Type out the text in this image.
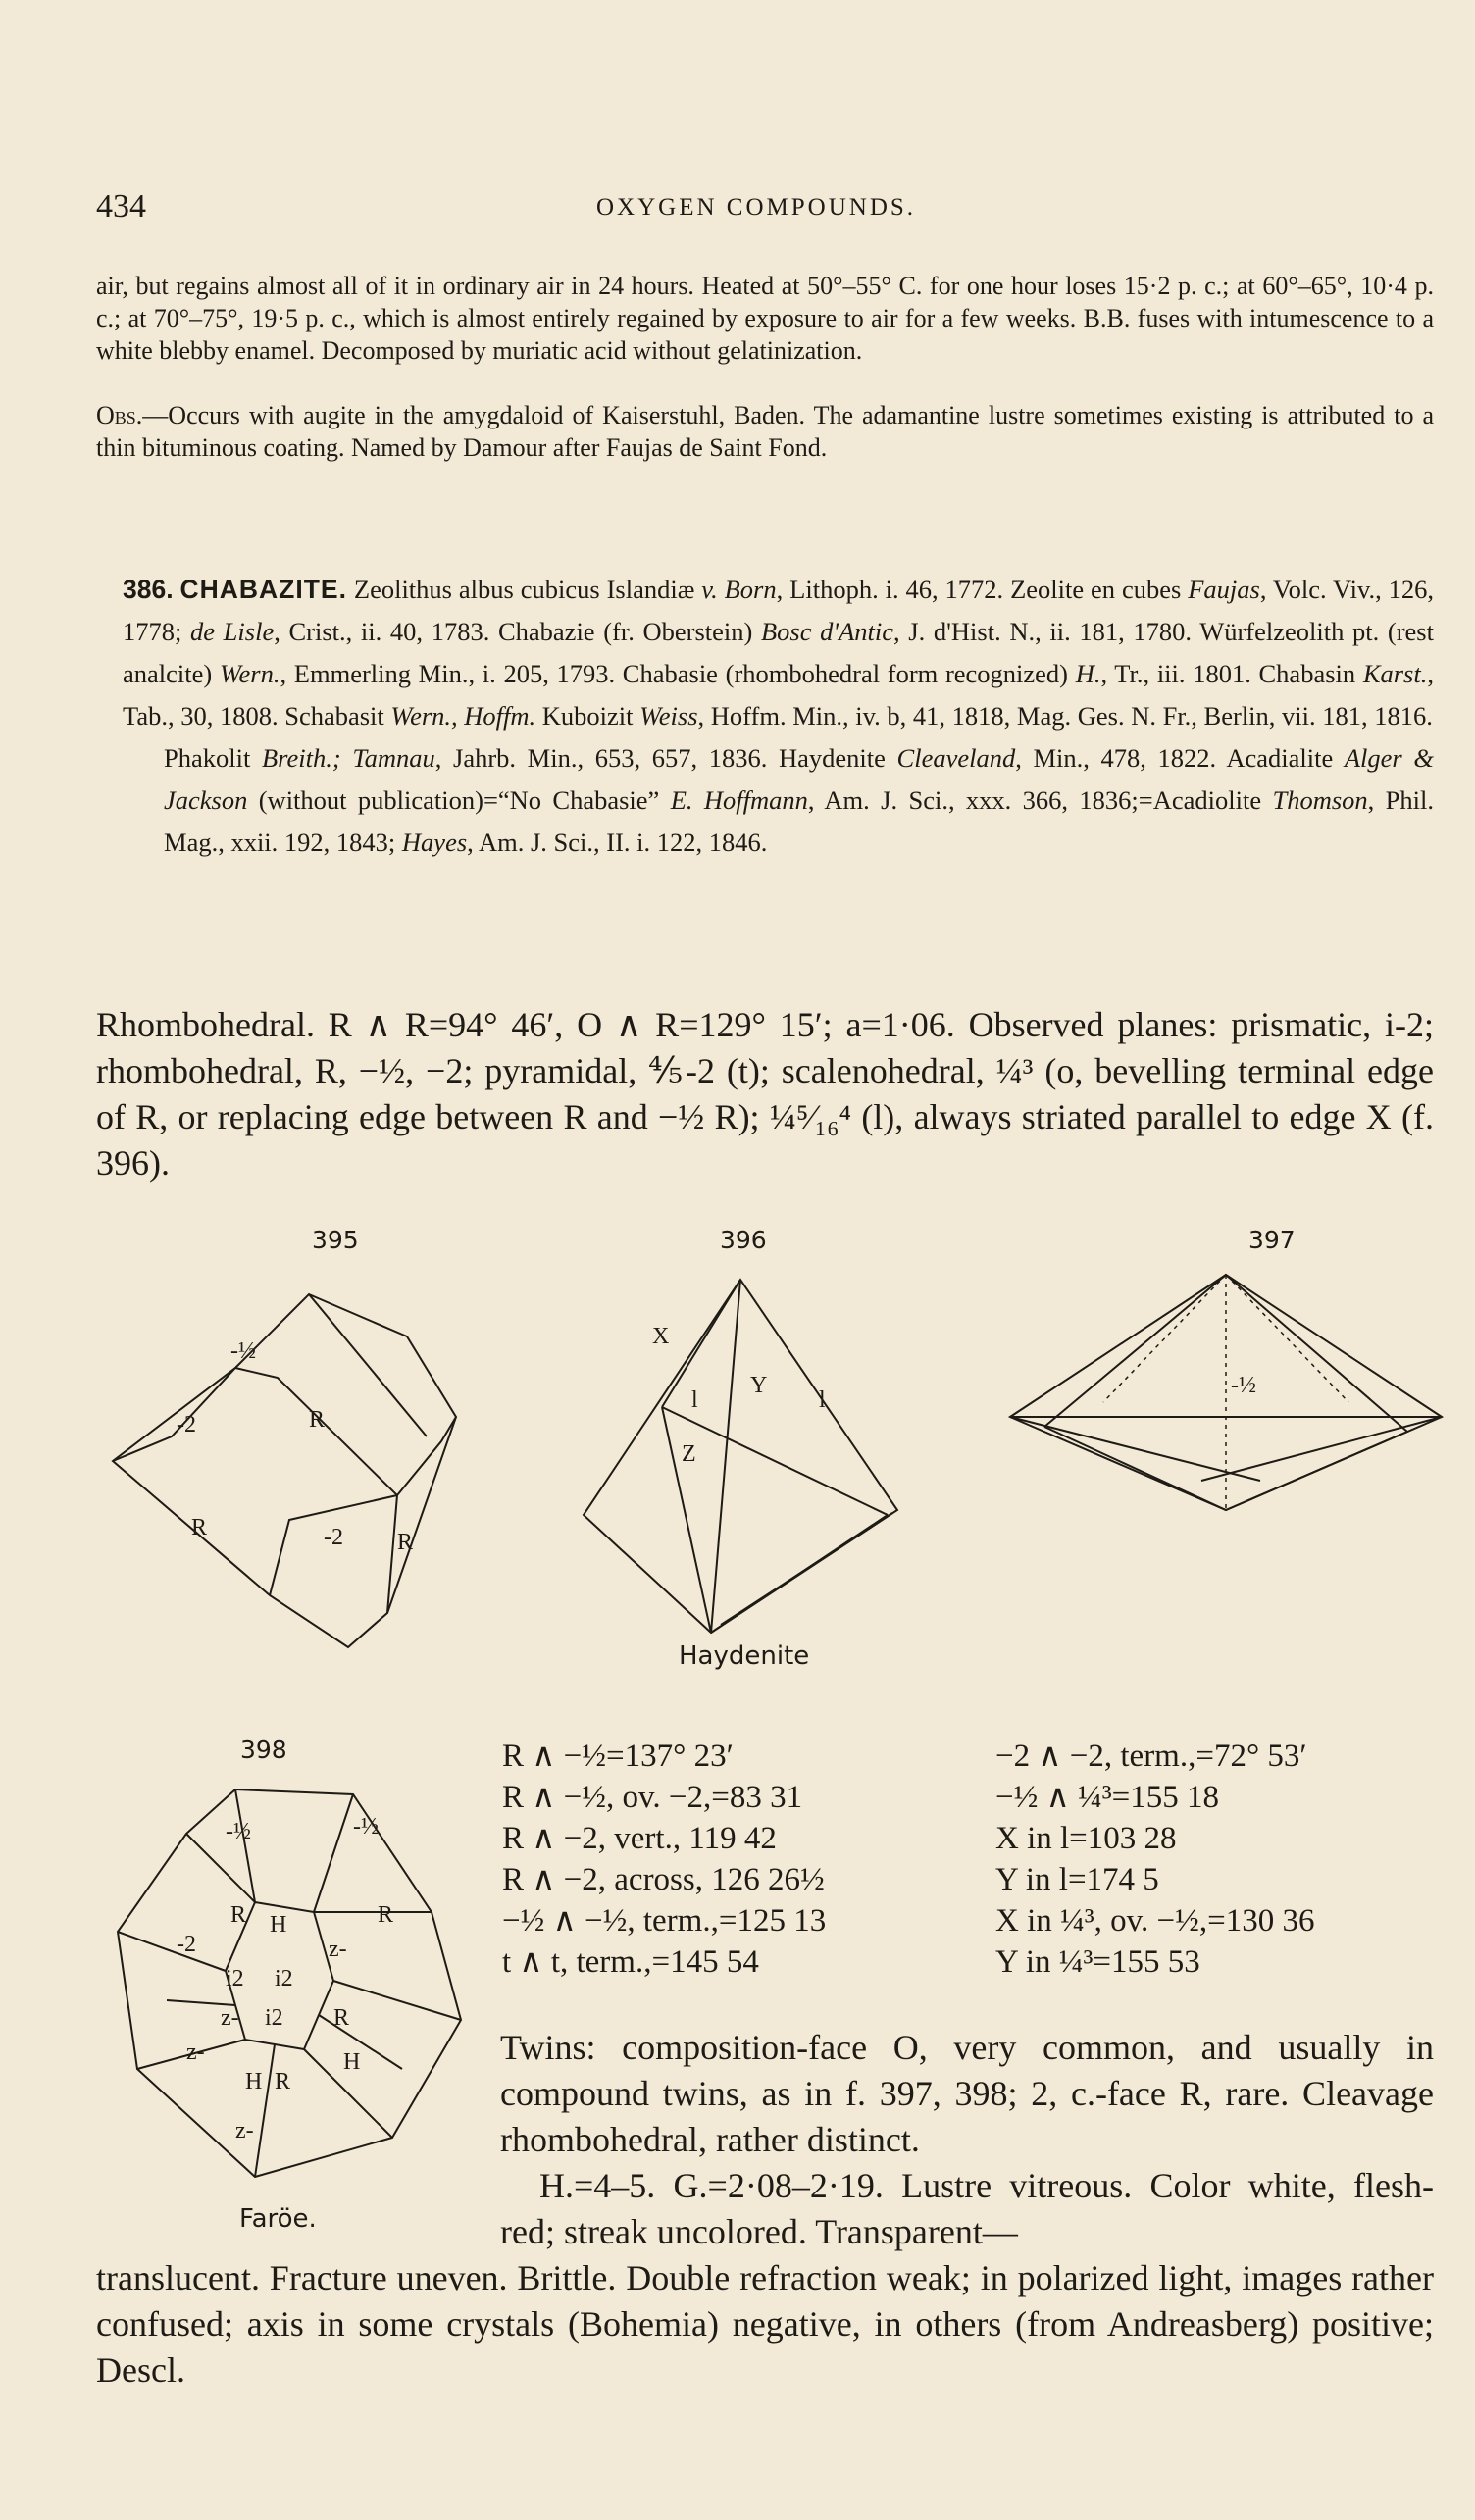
434	OXYGEN COMPOUNDS.
air, but regains almost all of it in ordinary air in 24 hours. Heated at 50°–55° C. for one hour loses 15·2 p. c.; at 60°–65°, 10·4 p. c.; at 70°–75°, 19·5 p. c., which is almost entirely regained by exposure to air for a few weeks. B.B. fuses with intumescence to a white blebby enamel. Decomposed by muriatic acid without gelatinization.
Obs.—Occurs with augite in the amygdaloid of Kaiserstuhl, Baden. The adamantine lustre sometimes existing is attributed to a thin bituminous coating. Named by Damour after Faujas de Saint Fond.
386. CHABAZITE. Zeolithus albus cubicus Islandiæ v. Born, Lithoph. i. 46, 1772. Zeolite en cubes Faujas, Volc. Viv., 126, 1778; de Lisle, Crist., ii. 40, 1783. Chabazie (fr. Oberstein) Bosc d'Antic, J. d'Hist. N., ii. 181, 1780. Würfelzeolith pt. (rest analcite) Wern., Emmerling Min., i. 205, 1793. Chabasie (rhombohedral form recognized) H., Tr., iii. 1801. Chabasin Karst., Tab., 30, 1808. Schabasit Wern., Hoffm. Kuboizit Weiss, Hoffm. Min., iv. b, 41, 1818, Mag. Ges. N. Fr., Berlin, vii. 181, 1816.
Phakolit Breith.; Tamnau, Jahrb. Min., 653, 657, 1836. Haydenite Cleaveland, Min., 478, 1822. Acadialite Alger & Jackson (without publication)=“No Chabasie” E. Hoffmann, Am. J. Sci., xxx. 366, 1836;=Acadiolite Thomson, Phil. Mag., xxii. 192, 1843; Hayes, Am. J. Sci., II. i. 122, 1846.

Rhombohedral. R ∧ R=94° 46′, O ∧ R=129° 15′; a=1·06. Observed planes: prismatic, i-2; rhombohedral, R, −½, −2; pyramidal, ⅘-2 (t); scalenohedral, ¼³ (o, bevelling terminal edge of R, or replacing edge between R and −½ R); ¼⁵⁄₁₆⁴ (l), always striated parallel to edge X (f. 396).

395
-½
-2	R
R	-2 R
396
X
l
Y
l
Z
Haydenite
397
-½
398
-½	-½
-2
R H	R
z-
i2 i2
z- i2 R
z-	H
R
H
z-
Faröe.
R ∧ −½=137° 23′
R ∧ −½, ov. −2,=83 31
R ∧ −2, vert., 119 42
R ∧ −2, across, 126 26½
−½ ∧ −½, term.,=125 13
t ∧ t, term.,=145 54
−2 ∧ −2, term.,=72° 53′
−½ ∧ ¼³=155 18
X in l=103 28
Y in l=174 5
X in ¼³, ov. −½,=130 36
Y in ¼³=155 53

Twins: composition-face O, very common, and usually in compound twins, as in f. 397, 398; 2, c.-face R, rare. Cleavage rhombohedral, rather distinct.

H.=4–5. G.=2·08–2·19. Lustre vitreous. Color white, flesh-red; streak uncolored. Transparent—

translucent. Fracture uneven. Brittle. Double refraction weak; in polarized light, images rather confused; axis in some crystals (Bohemia) negative, in others (from Andreasberg) positive; Descl.
